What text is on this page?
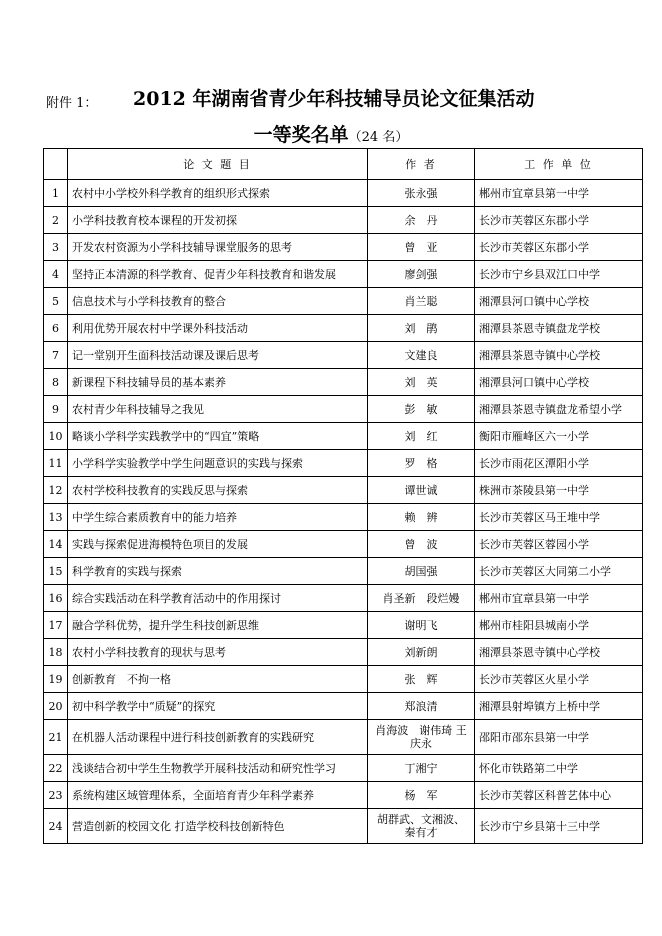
附件 1： 2012 年湖南省青少年科技辅导员论文征集活动
一等奖名单（24 名）
	论 文 题 目	作 者	工 作 单 位
1	农村中小学校外科学教育的组织形式探索	张永强	郴州市宜章县第一中学
2	小学科技教育校本课程的开发初探	余　丹	长沙市芙蓉区东郡小学
3	开发农村资源为小学科技辅导课堂服务的思考	曾　亚	长沙市芙蓉区东郡小学
4	坚持正本清源的科学教育、促青少年科技教育和谐发展	廖剑强	长沙市宁乡县双江口中学
5	信息技术与小学科技教育的整合	肖兰聪	湘潭县河口镇中心学校
6	利用优势开展农村中学课外科技活动	刘　鹃	湘潭县茶恩寺镇盘龙学校
7	记一堂别开生面科技活动课及课后思考	文建良	湘潭县茶恩寺镇中心学校
8	新课程下科技辅导员的基本素养	刘　英	湘潭县河口镇中心学校
9	农村青少年科技辅导之我见	彭　敏	湘潭县茶恩寺镇盘龙希望小学
10	略谈小学科学实践教学中的“四宜”策略	刘　红	衡阳市雁峰区六一小学
11	小学科学实验教学中学生问题意识的实践与探索	罗　格	长沙市雨花区潭阳小学
12	农村学校科技教育的实践反思与探索	谭世诚	株洲市茶陵县第一中学
13	中学生综合素质教育中的能力培养	赖　辨	长沙市芙蓉区马王堆中学
14	实践与探索促进海模特色项目的发展	曾　波	长沙市芙蓉区蓉园小学
15	科学教育的实践与探索	胡国强	长沙市芙蓉区大同第二小学
16	综合实践活动在科学教育活动中的作用探讨	肖圣新　段烂嫚	郴州市宜章县第一中学
17	融合学科优势，提升学生科技创新思维	谢明飞	郴州市桂阳县城南小学
18	农村小学科技教育的现状与思考	刘新朗	湘潭县茶恩寺镇中心学校
19	创新教育　不拘一格	张　辉	长沙市芙蓉区火星小学
20	初中科学教学中“质疑”的探究	郑浪清	湘潭县射埠镇方上桥中学
21	在机器人活动课程中进行科技创新教育的实践研究	肖海波　谢伟琦 王庆永	邵阳市邵东县第一中学
22	浅谈结合初中学生生物教学开展科技活动和研究性学习	丁湘宁	怀化市铁路第二中学
23	系统构建区域管理体系，全面培育青少年科学素养	杨　军	长沙市芙蓉区科普艺体中心
24	营造创新的校园文化 打造学校科技创新特色	胡群武、文湘波、秦有才	长沙市宁乡县第十三中学
